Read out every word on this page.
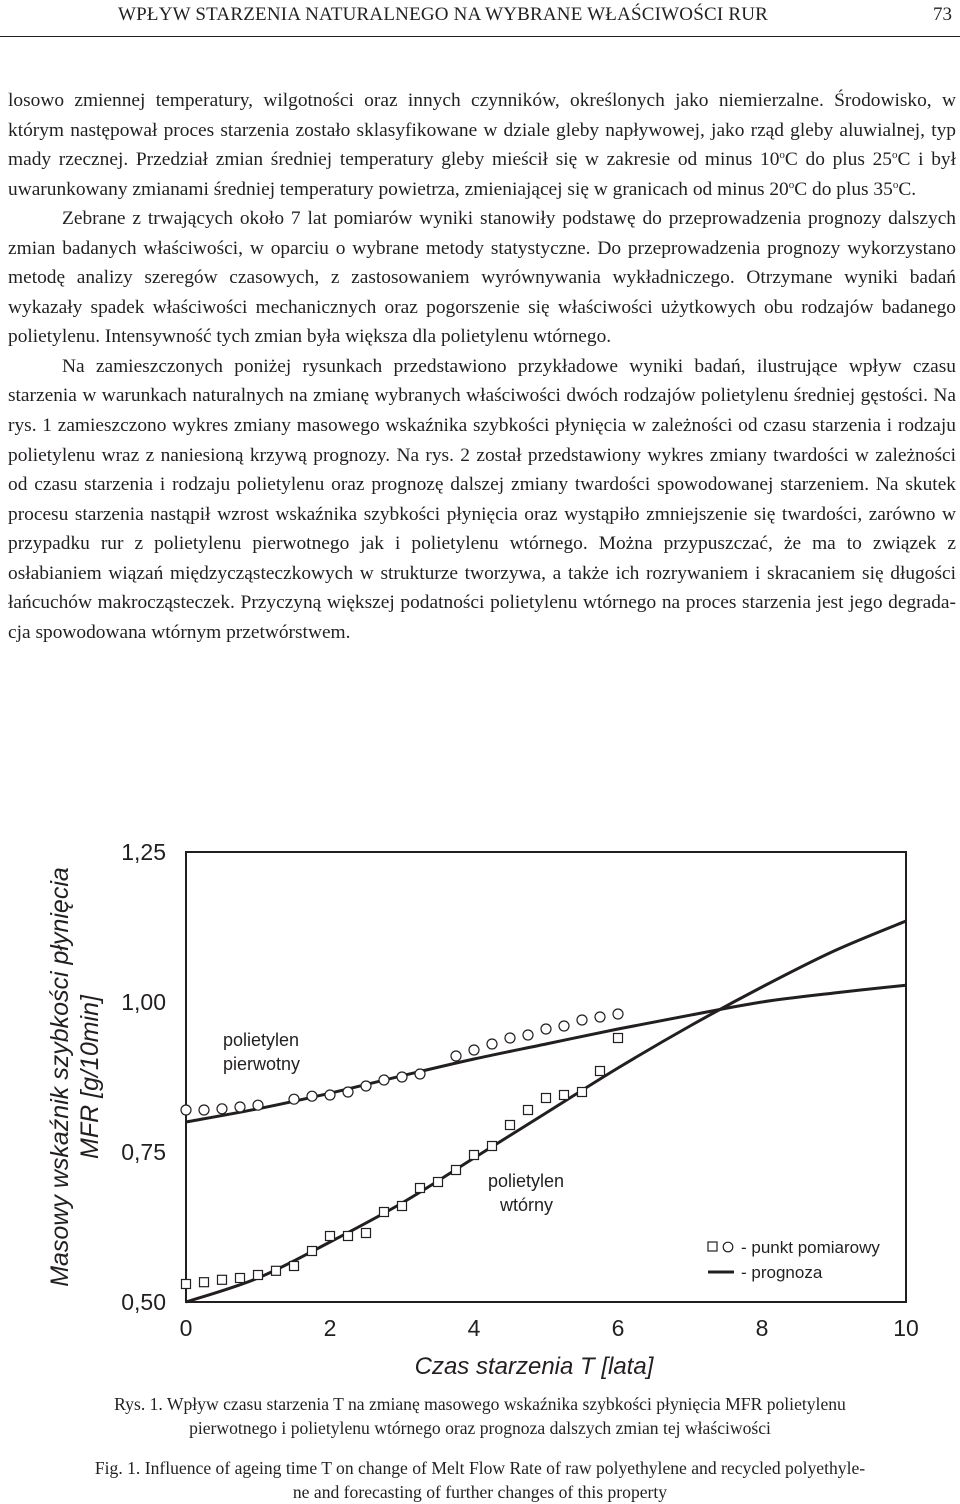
WPŁYW STARZENIA NATURALNEGO NA WYBRANE WŁAŚCIWOŚCI RUR	73

losowo zmiennej temperatury, wilgotności oraz innych czynników, określonych jako niemierzalne. Środowisko, w którym następował proces starzenia zostało sklasyfikowane w dziale gleby napływowej, jako rząd gleby aluwialnej, typ mady rzecznej. Przedział zmian średniej temperatury gleby mieścił się w zakresie od minus 10$^o$C do plus 25$^o$C i był uwarunkowany zmianami średniej temperatury powietrza, zmieniającej się w granicach od minus 20$^o$C do plus 35$^o$C.

Zebrane z trwających około 7 lat pomiarów wyniki stanowiły podstawę do przeprowadzenia prognozy dalszych zmian badanych właściwości, w oparciu o wybrane metody statystyczne. Do przeprowadzenia prognozy wykorzystano metodę analizy szeregów czasowych, z zastosowaniem wyrównywania wykładniczego. Otrzymane wyniki badań wykazały spadek właściwości mechanicznych oraz pogorszenie się właściwości użytkowych obu rodzajów badanego polietylenu. Intensywność tych zmian była większa dla polietylenu wtórnego.

Na zamieszczonych poniżej rysunkach przedstawiono przykładowe wyniki badań, ilustrujące wpływ czasu starzenia w warunkach naturalnych na zmianę wybranych właściwości dwóch rodzajów polietylenu średniej gęstości. Na rys. 1 zamieszczono wykres zmiany masowego wskaźnika szybkości płynięcia w zależności od czasu starzenia i rodzaju polietylenu wraz z naniesioną krzywą prognozy. Na rys. 2 został przedstawiony wykres zmiany twardości w zależności od czasu starzenia i rodzaju polietylenu oraz prognozę dalszej zmiany twardości spowodowanej starzeniem. Na skutek procesu starzenia nastąpił wzrost wskaźnika szybkości płynięcia oraz wystąpiło zmniejszenie się twardości, zarówno w przypadku rur z polietylenu pierwotnego jak i polietylenu wtórnego. Można przypuszczać, że ma to związek z osłabianiem wiązań międzycząsteczkowych w strukturze tworzywa, a także ich rozrywaniem i skracaniem się długości łańcuchów makrocząsteczek. Przyczyną większej podatności polietylenu wtórnego na proces starzenia jest jego degradacja spowodowana wtórnym przetwórstwem.

Masowy wskaźnik szybkości płynięcia MFR [g/10min]
Czas starzenia T [lata]
0,50
0,75
1,00
1,25
0	2	4	6	8	10
polietylen
pierwotny
polietylen
wtórny
- punkt pomiarowy
- prognoza
Rys. 1. Wpływ czasu starzenia T na zmianę masowego wskaźnika szybkości płynięcia MFR polietylenu
pierwotnego i polietylenu wtórnego oraz prognoza dalszych zmian tej właściwości
Fig. 1. Influence of ageing time T on change of Melt Flow Rate of raw polyethylene and recycled polyethyle-
ne and forecasting of further changes of this property
